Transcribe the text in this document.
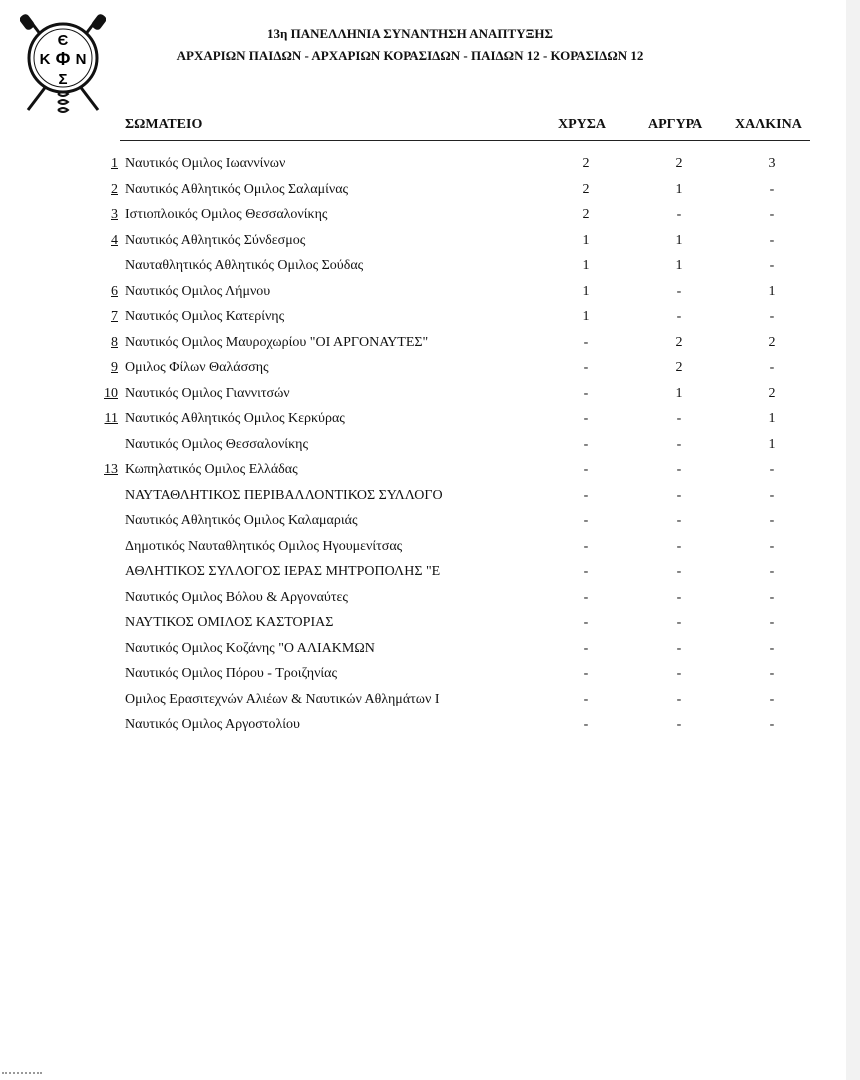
Є
Κ Φ Ν
Σ
13η ΠΑΝΕΛΛΗΝΙΑ ΣΥΝΑΝΤΗΣΗ ΑΝΑΠΤΥΞΗΣ
ΑΡΧΑΡΙΩΝ ΠΑΙΔΩΝ - ΑΡΧΑΡΙΩΝ ΚΟΡΑΣΙΔΩΝ - ΠΑΙΔΩΝ 12 - ΚΟΡΑΣΙΔΩΝ 12
ΣΩΜΑΤΕΙΟ	ΧΡΥΣΑ	ΑΡΓΥΡΑ ΧΑΛΚΙΝΑ
1 Ναυτικός Ομιλος Ιωαννίνων	2	2	3
2 Ναυτικός Αθλητικός Ομιλος Σαλαμίνας	2	1	-
3 Ιστιοπλοικός Ομιλος Θεσσαλονίκης	2	-	-
4 Ναυτικός Αθλητικός Σύνδεσμος	1	1	-
Ναυταθλητικός Αθλητικός Ομιλος Σούδας	1	1	-
6 Ναυτικός Ομιλος Λήμνου	1	-	1
7 Ναυτικός Ομιλος Κατερίνης	1	-	-
8 Ναυτικός Ομιλος Μαυροχωρίου "ΟΙ ΑΡΓΟΝΑΥΤΕΣ"	-	2	2
9 Ομιλος Φίλων Θαλάσσης	-	2	-
10 Ναυτικός Ομιλος Γιαννιτσών	-	1	2
11 Ναυτικός Αθλητικός Ομιλος Κερκύρας	-	-	1
Ναυτικός Ομιλος Θεσσαλονίκης	-	-	1
13 Κωπηλατικός Ομιλος Ελλάδας	-	-	-
ΝΑΥΤΑΘΛΗΤΙΚΟΣ ΠΕΡΙΒΑΛΛΟΝΤΙΚΟΣ ΣΥΛΛΟΓΟ	-	-	-
Ναυτικός Αθλητικός Ομιλος Καλαμαριάς	-	-	-
Δημοτικός Ναυταθλητικός Ομιλος Ηγουμενίτσας	-	-	-
ΑΘΛΗΤΙΚΟΣ ΣΥΛΛΟΓΟΣ ΙΕΡΑΣ ΜΗΤΡΟΠΟΛΗΣ "Ε	-	-	-
Ναυτικός Ομιλος Βόλου & Αργοναύτες	-	-	-
ΝΑΥΤΙΚΟΣ ΟΜΙΛΟΣ ΚΑΣΤΟΡΙΑΣ	-	-	-
Ναυτικός Ομιλος Κοζάνης "Ο ΑΛΙΑΚΜΩΝ	-	-	-
Ναυτικός Ομιλος Πόρου - Τροιζηνίας	-	-	-
Ομιλος Ερασιτεχνών Αλιέων & Ναυτικών Αθλημάτων Ι	-	-	-
Ναυτικός Ομιλος Αργοστολίου	-	-	-
